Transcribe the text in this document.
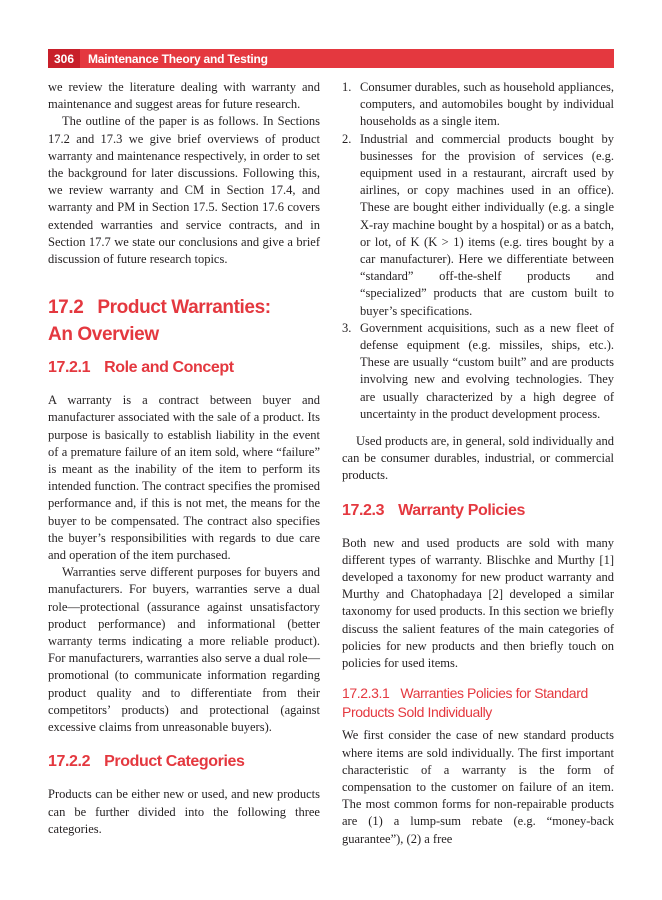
306	Maintenance Theory and Testing

we review the literature dealing with warranty and maintenance and suggest areas for future research.

The outline of the paper is as follows. In Sections 17.2 and 17.3 we give brief overviews of product warranty and maintenance respectively, in order to set the background for later discussions. Following this, we review warranty and CM in Section 17.4, and warranty and PM in Section 17.5. Section 17.6 covers extended warranties and service contracts, and in Section 17.7 we state our conclusions and give a brief discussion of future research topics.

17.2 Product Warranties:
An Overview
17.2.1 Role and Concept

A warranty is a contract between buyer and manufacturer associated with the sale of a product. Its purpose is basically to establish liability in the event of a premature failure of an item sold, where “failure” is meant as the inability of the item to perform its intended function. The contract specifies the promised performance and, if this is not met, the means for the buyer to be compensated. The contract also specifies the buyer’s responsibilities with regards to due care and operation of the item purchased.

Warranties serve different purposes for buyers and manufacturers. For buyers, warranties serve a dual role—protectional (assurance against unsatisfactory product performance) and informational (better warranty terms indicating a more reliable product). For manufacturers, warranties also serve a dual role—promotional (to communicate information regarding product quality and to differentiate from their competitors’ products) and protectional (against excessive claims from unreasonable buyers).

17.2.2 Product Categories

Products can be either new or used, and new products can be further divided into the following three categories.

1. Consumer durables, such as household appliances, computers, and automobiles bought by individual households as a single item.
2. Industrial and commercial products bought by businesses for the provision of services (e.g. equipment used in a restaurant, aircraft used by airlines, or copy machines used in an office). These are bought either individually (e.g. a single X-ray machine bought by a hospital) or as a batch, or lot, of K (K > 1) items (e.g. tires bought by a car manufacturer). Here we differentiate between “standard” off-the-shelf products and “specialized” products that are custom built to buyer’s specifications.
3. Government acquisitions, such as a new fleet of defense equipment (e.g. missiles, ships, etc.). These are usually “custom built” and are products involving new and evolving technologies. They are usually characterized by a high degree of uncertainty in the product development process.

Used products are, in general, sold individually and can be consumer durables, industrial, or commercial products.

17.2.3 Warranty Policies

Both new and used products are sold with many different types of warranty. Blischke and Murthy [1] developed a taxonomy for new product warranty and Murthy and Chatophadaya [2] developed a similar taxonomy for used products. In this section we briefly discuss the salient features of the main categories of policies for new products and then briefly touch on policies for used items.

17.2.3.1 Warranties Policies for Standard
Products Sold Individually

We first consider the case of new standard products where items are sold individually. The first important characteristic of a warranty is the form of compensation to the customer on failure of an item. The most common forms for non-repairable products are (1) a lump-sum rebate (e.g. “money-back guarantee”), (2) a free
